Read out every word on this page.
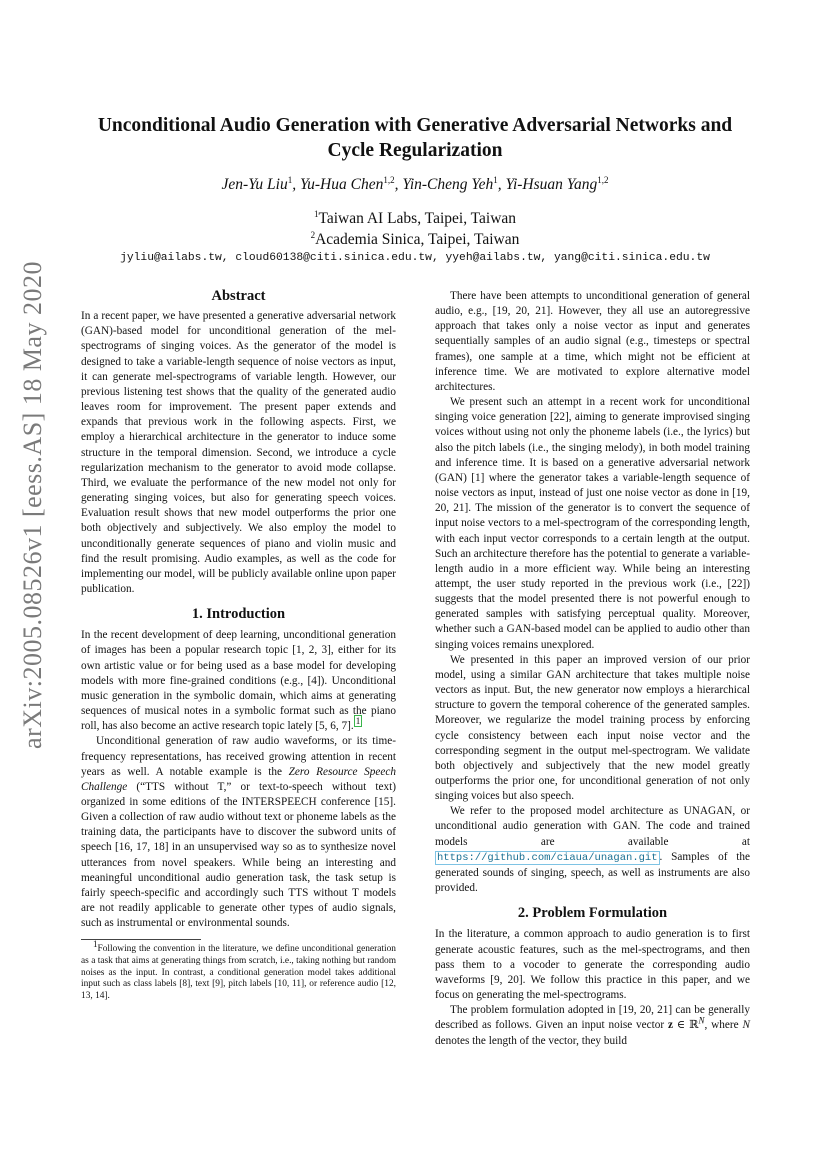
arXiv:2005.08526v1 [eess.AS] 18 May 2020
Unconditional Audio Generation with Generative Adversarial Networks and
Cycle Regularization
Jen-Yu Liu$^1$, Yu-Hua Chen$^{1,2}$, Yin-Cheng Yeh$^1$, Yi-Hsuan Yang$^{1,2}$
$^1$Taiwan AI Labs, Taipei, Taiwan
$^2$Academia Sinica, Taipei, Taiwan
jyliu@ailabs.tw, cloud60138@citi.sinica.edu.tw, yyeh@ailabs.tw, yang@citi.sinica.edu.tw
Abstract

In a recent paper, we have presented a generative adversarial network (GAN)-based model for unconditional generation of the mel-spectrograms of singing voices. As the generator of the model is designed to take a variable-length sequence of noise vectors as input, it can generate mel-spectrograms of variable length. However, our previous listening test shows that the quality of the generated audio leaves room for improvement. The present paper extends and expands that previous work in the following aspects. First, we employ a hierarchical architecture in the generator to induce some structure in the temporal dimension. Second, we introduce a cycle regularization mechanism to the generator to avoid mode collapse. Third, we evaluate the performance of the new model not only for generating singing voices, but also for generating speech voices. Evaluation result shows that new model outperforms the prior one both objectively and subjectively. We also employ the model to unconditionally generate sequences of piano and violin music and find the result promising. Audio examples, as well as the code for implementing our model, will be publicly available online upon paper publication.

1. Introduction

In the recent development of deep learning, unconditional generation of images has been a popular research topic [1, 2, 3], either for its own artistic value or for being used as a base model for developing models with more fine-grained conditions (e.g., [4]). Unconditional music generation in the symbolic domain, which aims at generating sequences of musical notes in a symbolic format such as the piano roll, has also become an active research topic lately [5, 6, 7]. $^1$

Unconditional generation of raw audio waveforms, or its time-frequency representations, has received growing attention in recent years as well. A notable example is the Zero Resource Speech Challenge (“TTS without T,” or text-to-speech without text) organized in some editions of the INTERSPEECH conference [15]. Given a collection of raw audio without text or phoneme labels as the training data, the participants have to discover the subword units of speech [16, 17, 18] in an unsupervised way so as to synthesize novel utterances from novel speakers. While being an interesting and meaningful unconditional audio generation task, the task setup is fairly speech-specific and accordingly such TTS without T models are not readily applicable to generate other types of audio signals, such as instrumental or environmental sounds.

$^1$Following the convention in the literature, we define unconditional generation as a task that aims at generating things from scratch, i.e., taking nothing but random noises as the input. In contrast, a conditional generation model takes additional input such as class labels [8], text [9], pitch labels [10, 11], or reference audio [12, 13, 14].

There have been attempts to unconditional generation of general audio, e.g., [19, 20, 21]. However, they all use an autoregressive approach that takes only a noise vector as input and generates sequentially samples of an audio signal (e.g., timesteps or spectral frames), one sample at a time, which might not be efficient at inference time. We are motivated to explore alternative model architectures.

We present such an attempt in a recent work for unconditional singing voice generation [22], aiming to generate improvised singing voices without using not only the phoneme labels (i.e., the lyrics) but also the pitch labels (i.e., the singing melody), in both model training and inference time. It is based on a generative adversarial network (GAN) [1] where the generator takes a variable-length sequence of noise vectors as input, instead of just one noise vector as done in [19, 20, 21]. The mission of the generator is to convert the sequence of input noise vectors to a mel-spectrogram of the corresponding length, with each input vector corresponds to a certain length at the output. Such an architecture therefore has the potential to generate a variable-length audio in a more efficient way. While being an interesting attempt, the user study reported in the previous work (i.e., [22]) suggests that the model presented there is not powerful enough to generated samples with satisfying perceptual quality. Moreover, whether such a GAN-based model can be applied to audio other than singing voices remains unexplored.

We presented in this paper an improved version of our prior model, using a similar GAN architecture that takes multiple noise vectors as input. But, the new generator now employs a hierarchical structure to govern the temporal coherence of the generated samples. Moreover, we regularize the model training process by enforcing cycle consistency between each input noise vector and the corresponding segment in the output mel-spectrogram. We validate both objectively and subjectively that the new model greatly outperforms the prior one, for unconditional generation of not only singing voices but also speech.

We refer to the proposed model architecture as UNAGAN, or unconditional audio generation with GAN. The code and trained models are available at https://github.com/ciaua/unagan.git . Samples of the generated sounds of singing, speech, as well as instruments are also provided.

2. Problem Formulation

In the literature, a common approach to audio generation is to first generate acoustic features, such as the mel-spectrograms, and then pass them to a vocoder to generate the corresponding audio waveforms [9, 20]. We follow this practice in this paper, and we focus on generating the mel-spectrograms.

The problem formulation adopted in [19, 20, 21] can be generally described as follows. Given an input noise vector z ∈ ℝ$^N$, where N denotes the length of the vector, they build
